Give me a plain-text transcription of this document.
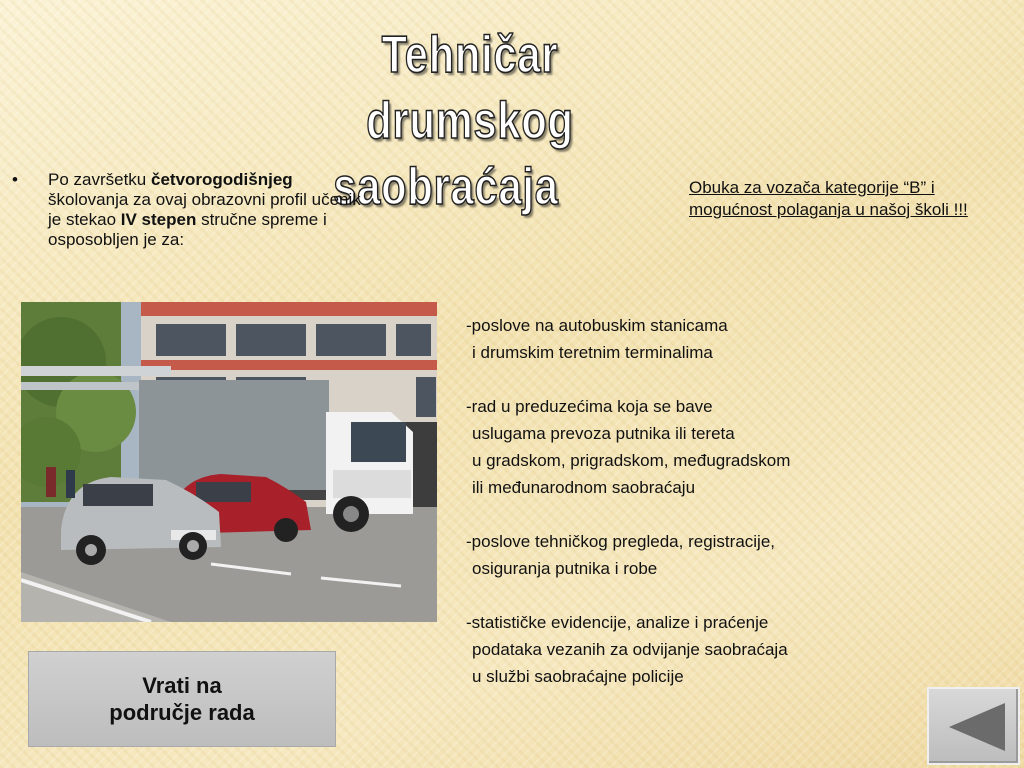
Tehničar drumskog

saobraćaja
• Po završetku četvorogodišnjeg školovanja za ovaj obrazovni profil učenik je stekao IV stepen stručne spreme i osposobljen je za:
Obuka za vozača kategorije “B” i mogućnost polaganja u našoj školi !!!
-poslove na autobuskim stanicama
i drumskim teretnim terminalima
-rad u preduzećima koja se bave
uslugama prevoza putnika ili tereta
u gradskom, prigradskom, međugradskom
ili međunarodnom saobraćaju
-poslove tehničkog pregleda, registracije,
osiguranja putnika i robe
-statističke evidencije, analize i praćenje
podataka vezanih za odvijanje saobraćaja
u službi saobraćajne policije
Vrati na
područje rada
